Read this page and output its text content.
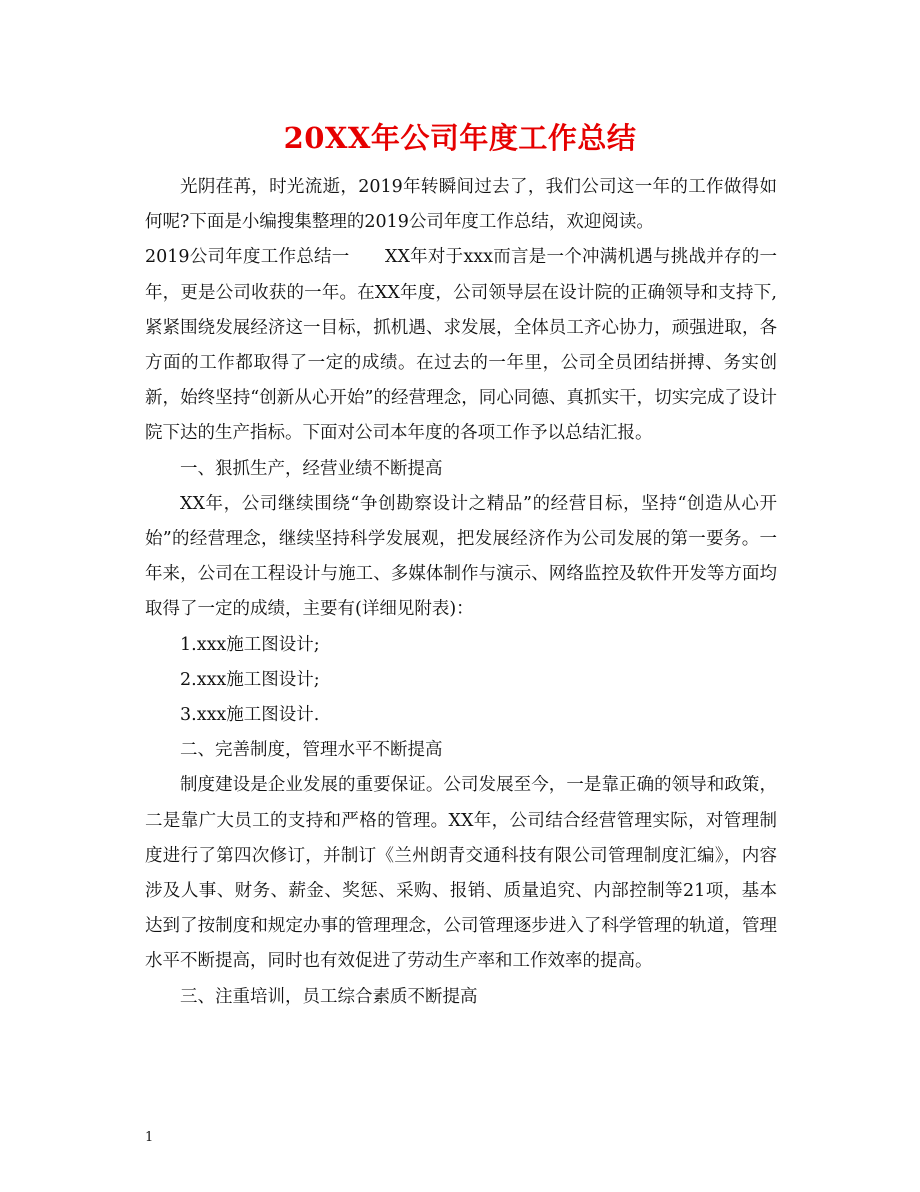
20XX年公司年度工作总结

光阴荏苒，时光流逝，2019年转瞬间过去了，我们公司这一年的工作做得如何呢?下面是小编搜集整理的2019公司年度工作总结，欢迎阅读。

2019公司年度工作总结一　　XX年对于xxx而言是一个冲满机遇与挑战并存的一年，更是公司收获的一年。在XX年度，公司领导层在设计院的正确领导和支持下,紧紧围绕发展经济这一目标，抓机遇、求发展，全体员工齐心协力，顽强进取，各方面的工作都取得了一定的成绩。在过去的一年里，公司全员团结拼搏、务实创新，始终坚持“创新从心开始”的经营理念，同心同德、真抓实干，切实完成了设计院下达的生产指标。下面对公司本年度的各项工作予以总结汇报。

一、狠抓生产，经营业绩不断提高

XX年，公司继续围绕“争创勘察设计之精品”的经营目标，坚持“创造从心开始”的经营理念，继续坚持科学发展观，把发展经济作为公司发展的第一要务。一年来，公司在工程设计与施工、多媒体制作与演示、网络监控及软件开发等方面均取得了一定的成绩，主要有(详细见附表)：

1.xxx施工图设计;

2.xxx施工图设计;

3.xxx施工图设计.

二、完善制度，管理水平不断提高

制度建设是企业发展的重要保证。公司发展至今，一是靠正确的领导和政策，二是靠广大员工的支持和严格的管理。XX年，公司结合经营管理实际，对管理制度进行了第四次修订，并制订《兰州朗青交通科技有限公司管理制度汇编》，内容涉及人事、财务、薪金、奖惩、采购、报销、质量追究、内部控制等21项，基本达到了按制度和规定办事的管理理念，公司管理逐步进入了科学管理的轨道，管理水平不断提高，同时也有效促进了劳动生产率和工作效率的提高。

三、注重培训，员工综合素质不断提高

1
